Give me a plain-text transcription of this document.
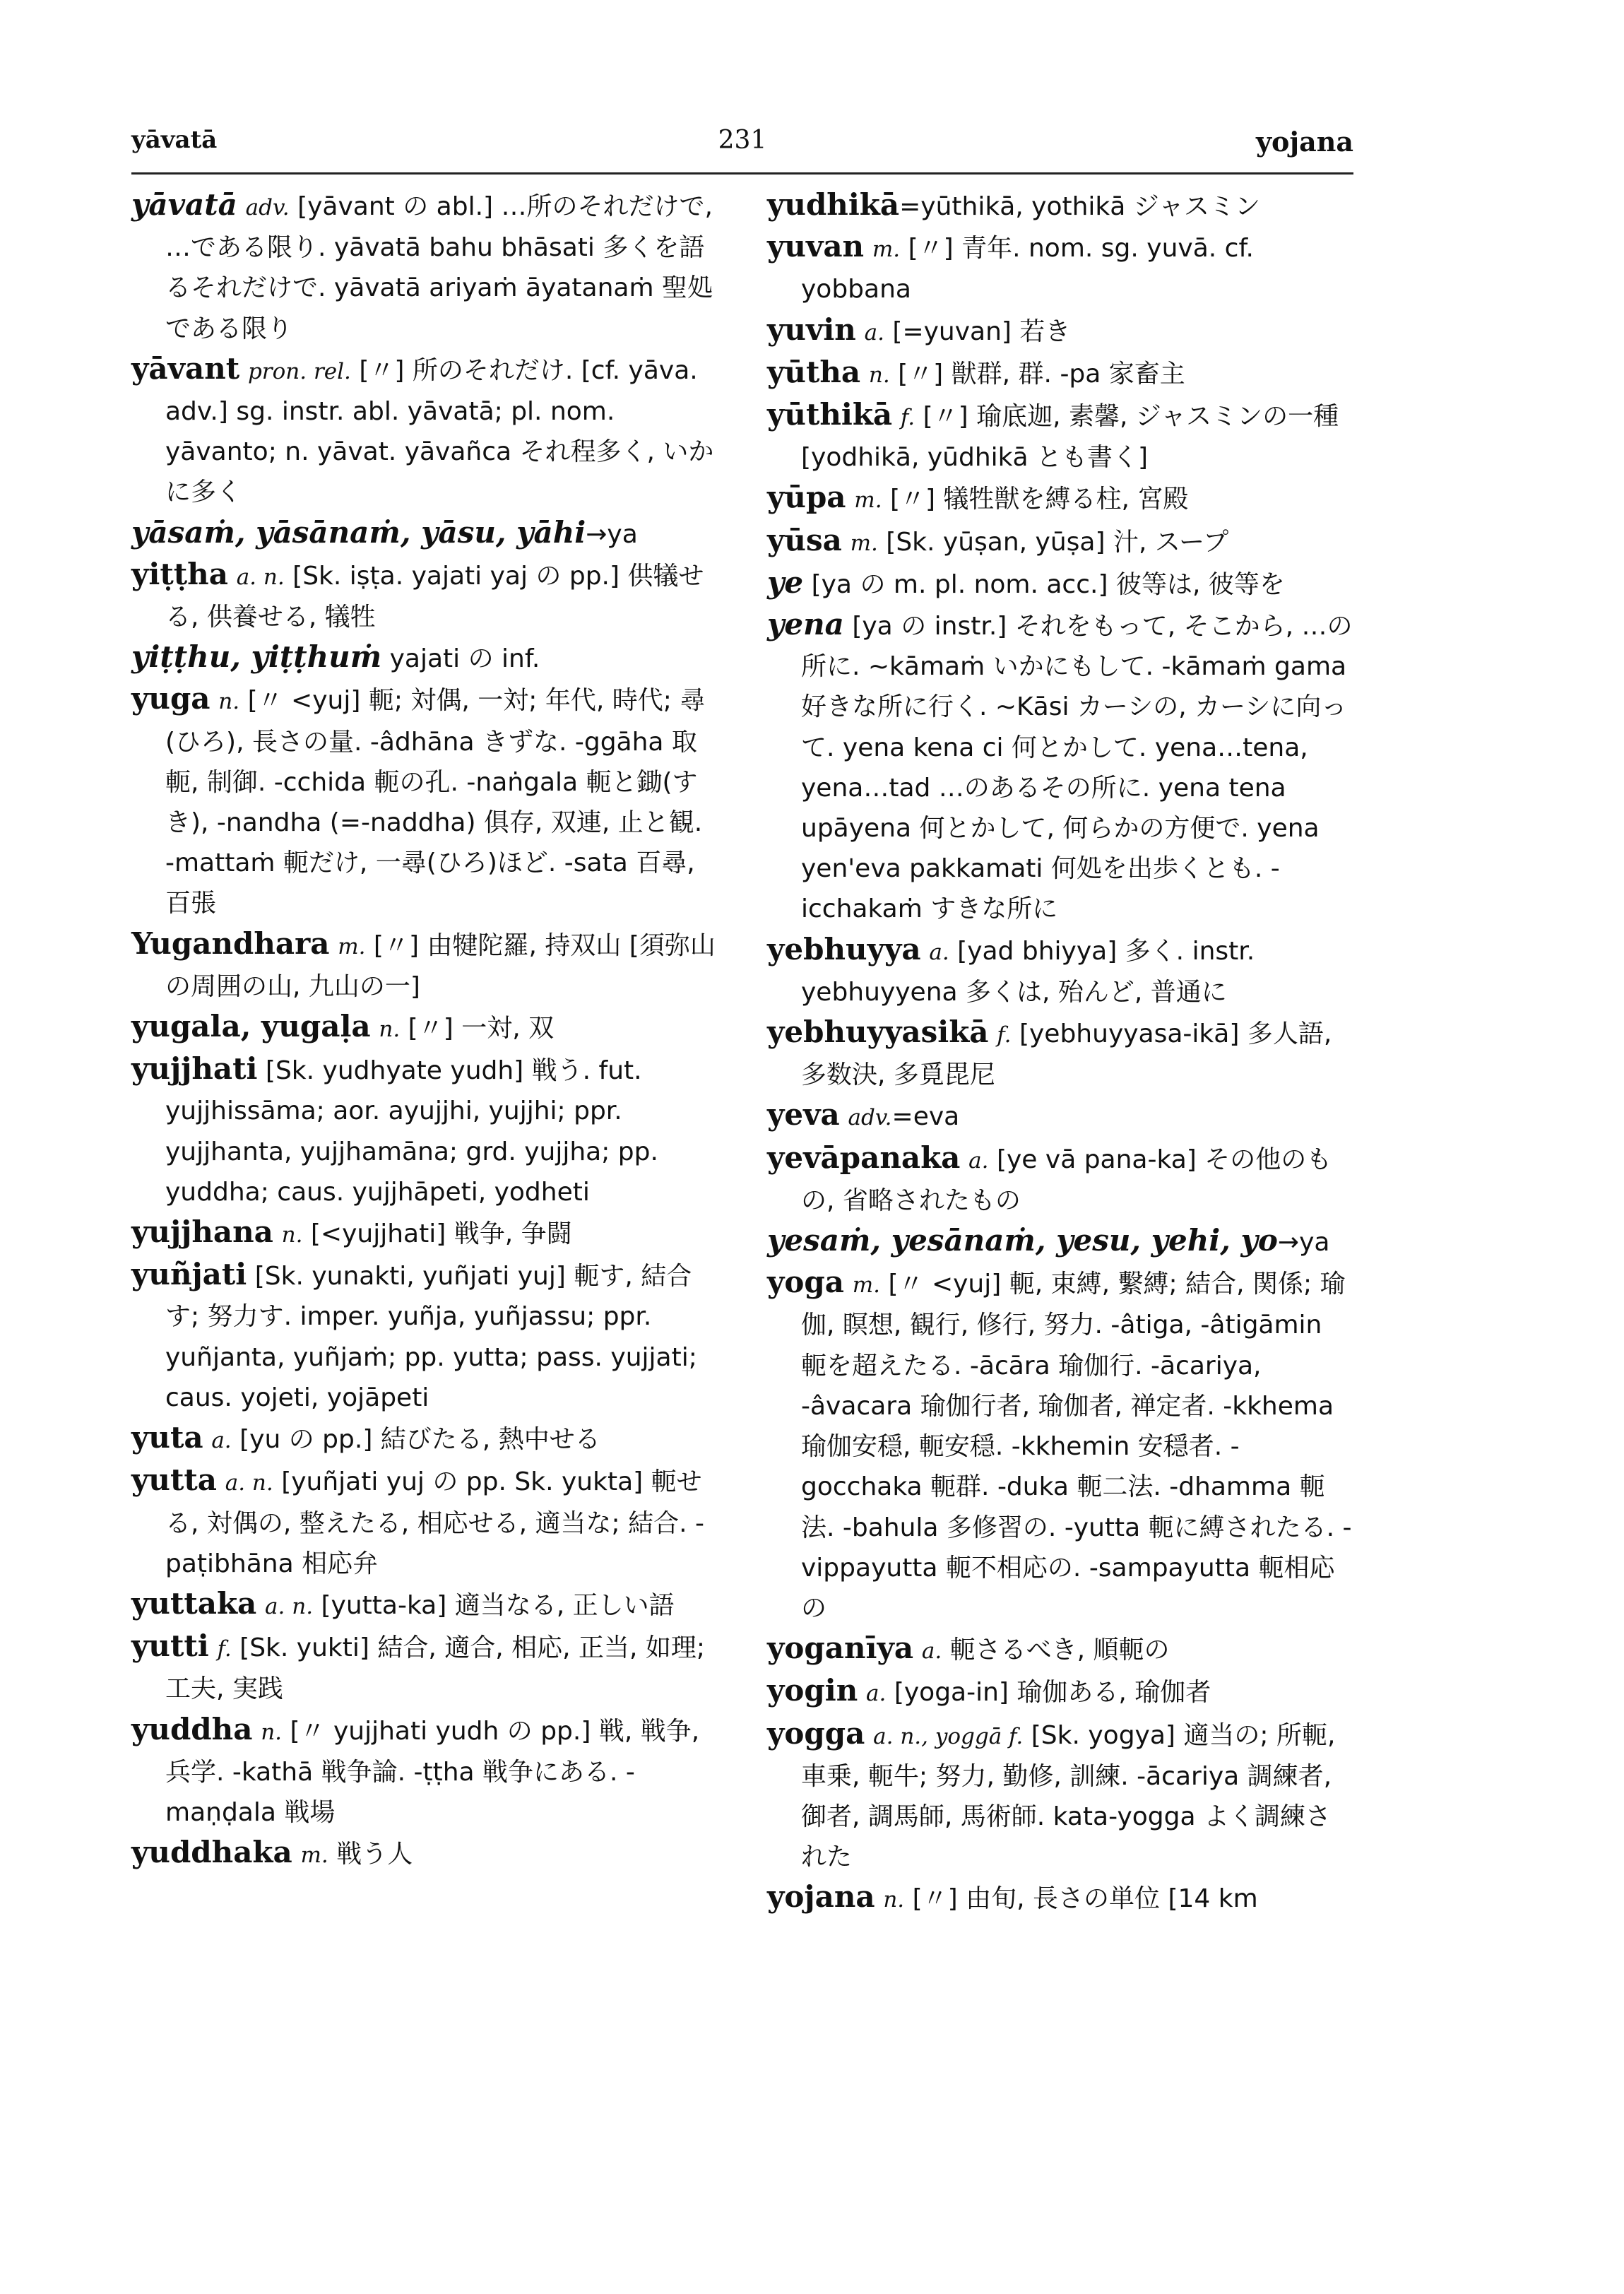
yāvatā	231	yojana

yāvatā adv. [yāvant の abl.] …所のそれだけで, …である限り. yāvatā bahu bhāsati 多くを語るそれだけで. yāvatā ariyaṁ āyatanaṁ 聖処である限り

yāvant pron. rel. [〃] 所のそれだけ. [cf. yāva. adv.] sg. instr. abl. yāvatā; pl. nom. yāvanto; n. yāvat. yāvañca それ程多く, いかに多く

yāsaṁ, yāsānaṁ, yāsu, yāhi→ya

yiṭṭha a. n. [Sk. iṣṭa. yajati yaj の pp.] 供犠せる, 供養せる, 犠牲

yiṭṭhu, yiṭṭhuṁ yajati の inf.

yuga n. [〃 <yuj] 軛; 対偶, 一対; 年代, 時代; 尋(ひろ), 長さの量. -âdhāna きずな. -ggāha 取軛, 制御. -cchida 軛の孔. -naṅgala 軛と鋤(すき), -nandha (=-naddha) 俱存, 双連, 止と観. -mattaṁ 軛だけ, 一尋(ひろ)ほど. -sata 百尋, 百張

Yugandhara m. [〃] 由犍陀羅, 持双山 [須弥山の周囲の山, 九山の一]

yugala, yugaḷa n. [〃] 一対, 双

yujjhati [Sk. yudhyate yudh] 戦う. fut. yujjhissāma; aor. ayujjhi, yujjhi; ppr. yujjhanta, yujjhamāna; grd. yujjha; pp. yuddha; caus. yujjhāpeti, yodheti

yujjhana n. [<yujjhati] 戦争, 争闘

yuñjati [Sk. yunakti, yuñjati yuj] 軛す, 結合す; 努力す. imper. yuñja, yuñjassu; ppr. yuñjanta, yuñjaṁ; pp. yutta; pass. yujjati; caus. yojeti, yojāpeti

yuta a. [yu の pp.] 結びたる, 熱中せる

yutta a. n. [yuñjati yuj の pp. Sk. yukta] 軛せる, 対偶の, 整えたる, 相応せる, 適当な; 結合. -paṭibhāna 相応弁

yuttaka a. n. [yutta-ka] 適当なる, 正しい語

yutti f. [Sk. yukti] 結合, 適合, 相応, 正当, 如理; 工夫, 実践

yuddha n. [〃 yujjhati yudh の pp.] 戦, 戦争, 兵学. -kathā 戦争論. -ṭṭha 戦争にある. -maṇḍala 戦場

yuddhaka m. 戦う人

yudhikā=yūthikā, yothikā ジャスミン

yuvan m. [〃] 青年. nom. sg. yuvā. cf. yobbana

yuvin a. [=yuvan] 若き

yūtha n. [〃] 獣群, 群. -pa 家畜主

yūthikā f. [〃] 瑜底迦, 素馨, ジャスミンの一種 [yodhikā, yūdhikā とも書く]

yūpa m. [〃] 犠牲獣を縛る柱, 宮殿

yūsa m. [Sk. yūṣan, yūṣa] 汁, スープ

ye [ya の m. pl. nom. acc.] 彼等は, 彼等を

yena [ya の instr.] それをもって, そこから, …の所に. ~kāmaṁ いかにもして. -kāmaṁ gama 好きな所に行く. ~Kāsi カーシの, カーシに向って. yena kena ci 何とかして. yena…tena, yena…tad …のあるその所に. yena tena upāyena 何とかして, 何らかの方便で. yena yen'eva pakkamati 何処を出歩くとも. -icchakaṁ すきな所に

yebhuyya a. [yad bhiyya] 多く. instr. yebhuyyena 多くは, 殆んど, 普通に

yebhuyyasikā f. [yebhuyyasa-ikā] 多人語, 多数決, 多覓毘尼

yeva adv.=eva

yevāpanaka a. [ye vā pana-ka] その他のもの, 省略されたもの

yesaṁ, yesānaṁ, yesu, yehi, yo→ya

yoga m. [〃 <yuj] 軛, 束縛, 繫縛; 結合, 関係; 瑜伽, 瞑想, 観行, 修行, 努力. -âtiga, -âtigāmin 軛を超えたる. -ācāra 瑜伽行. -ācariya, -âvacara 瑜伽行者, 瑜伽者, 禅定者. -kkhema 瑜伽安穏, 軛安穏. -kkhemin 安穏者. -gocchaka 軛群. -duka 軛二法. -dhamma 軛法. -bahula 多修習の. -yutta 軛に縛されたる. -vippayutta 軛不相応の. -sampayutta 軛相応の

yoganīya a. 軛さるべき, 順軛の

yogin a. [yoga-in] 瑜伽ある, 瑜伽者

yogga a. n., yoggā f. [Sk. yogya] 適当の; 所軛, 車乗, 軛牛; 努力, 勤修, 訓練. -ācariya 調練者, 御者, 調馬師, 馬術師. kata-yogga よく調練された

yojana n. [〃] 由旬, 長さの単位 [14 km
